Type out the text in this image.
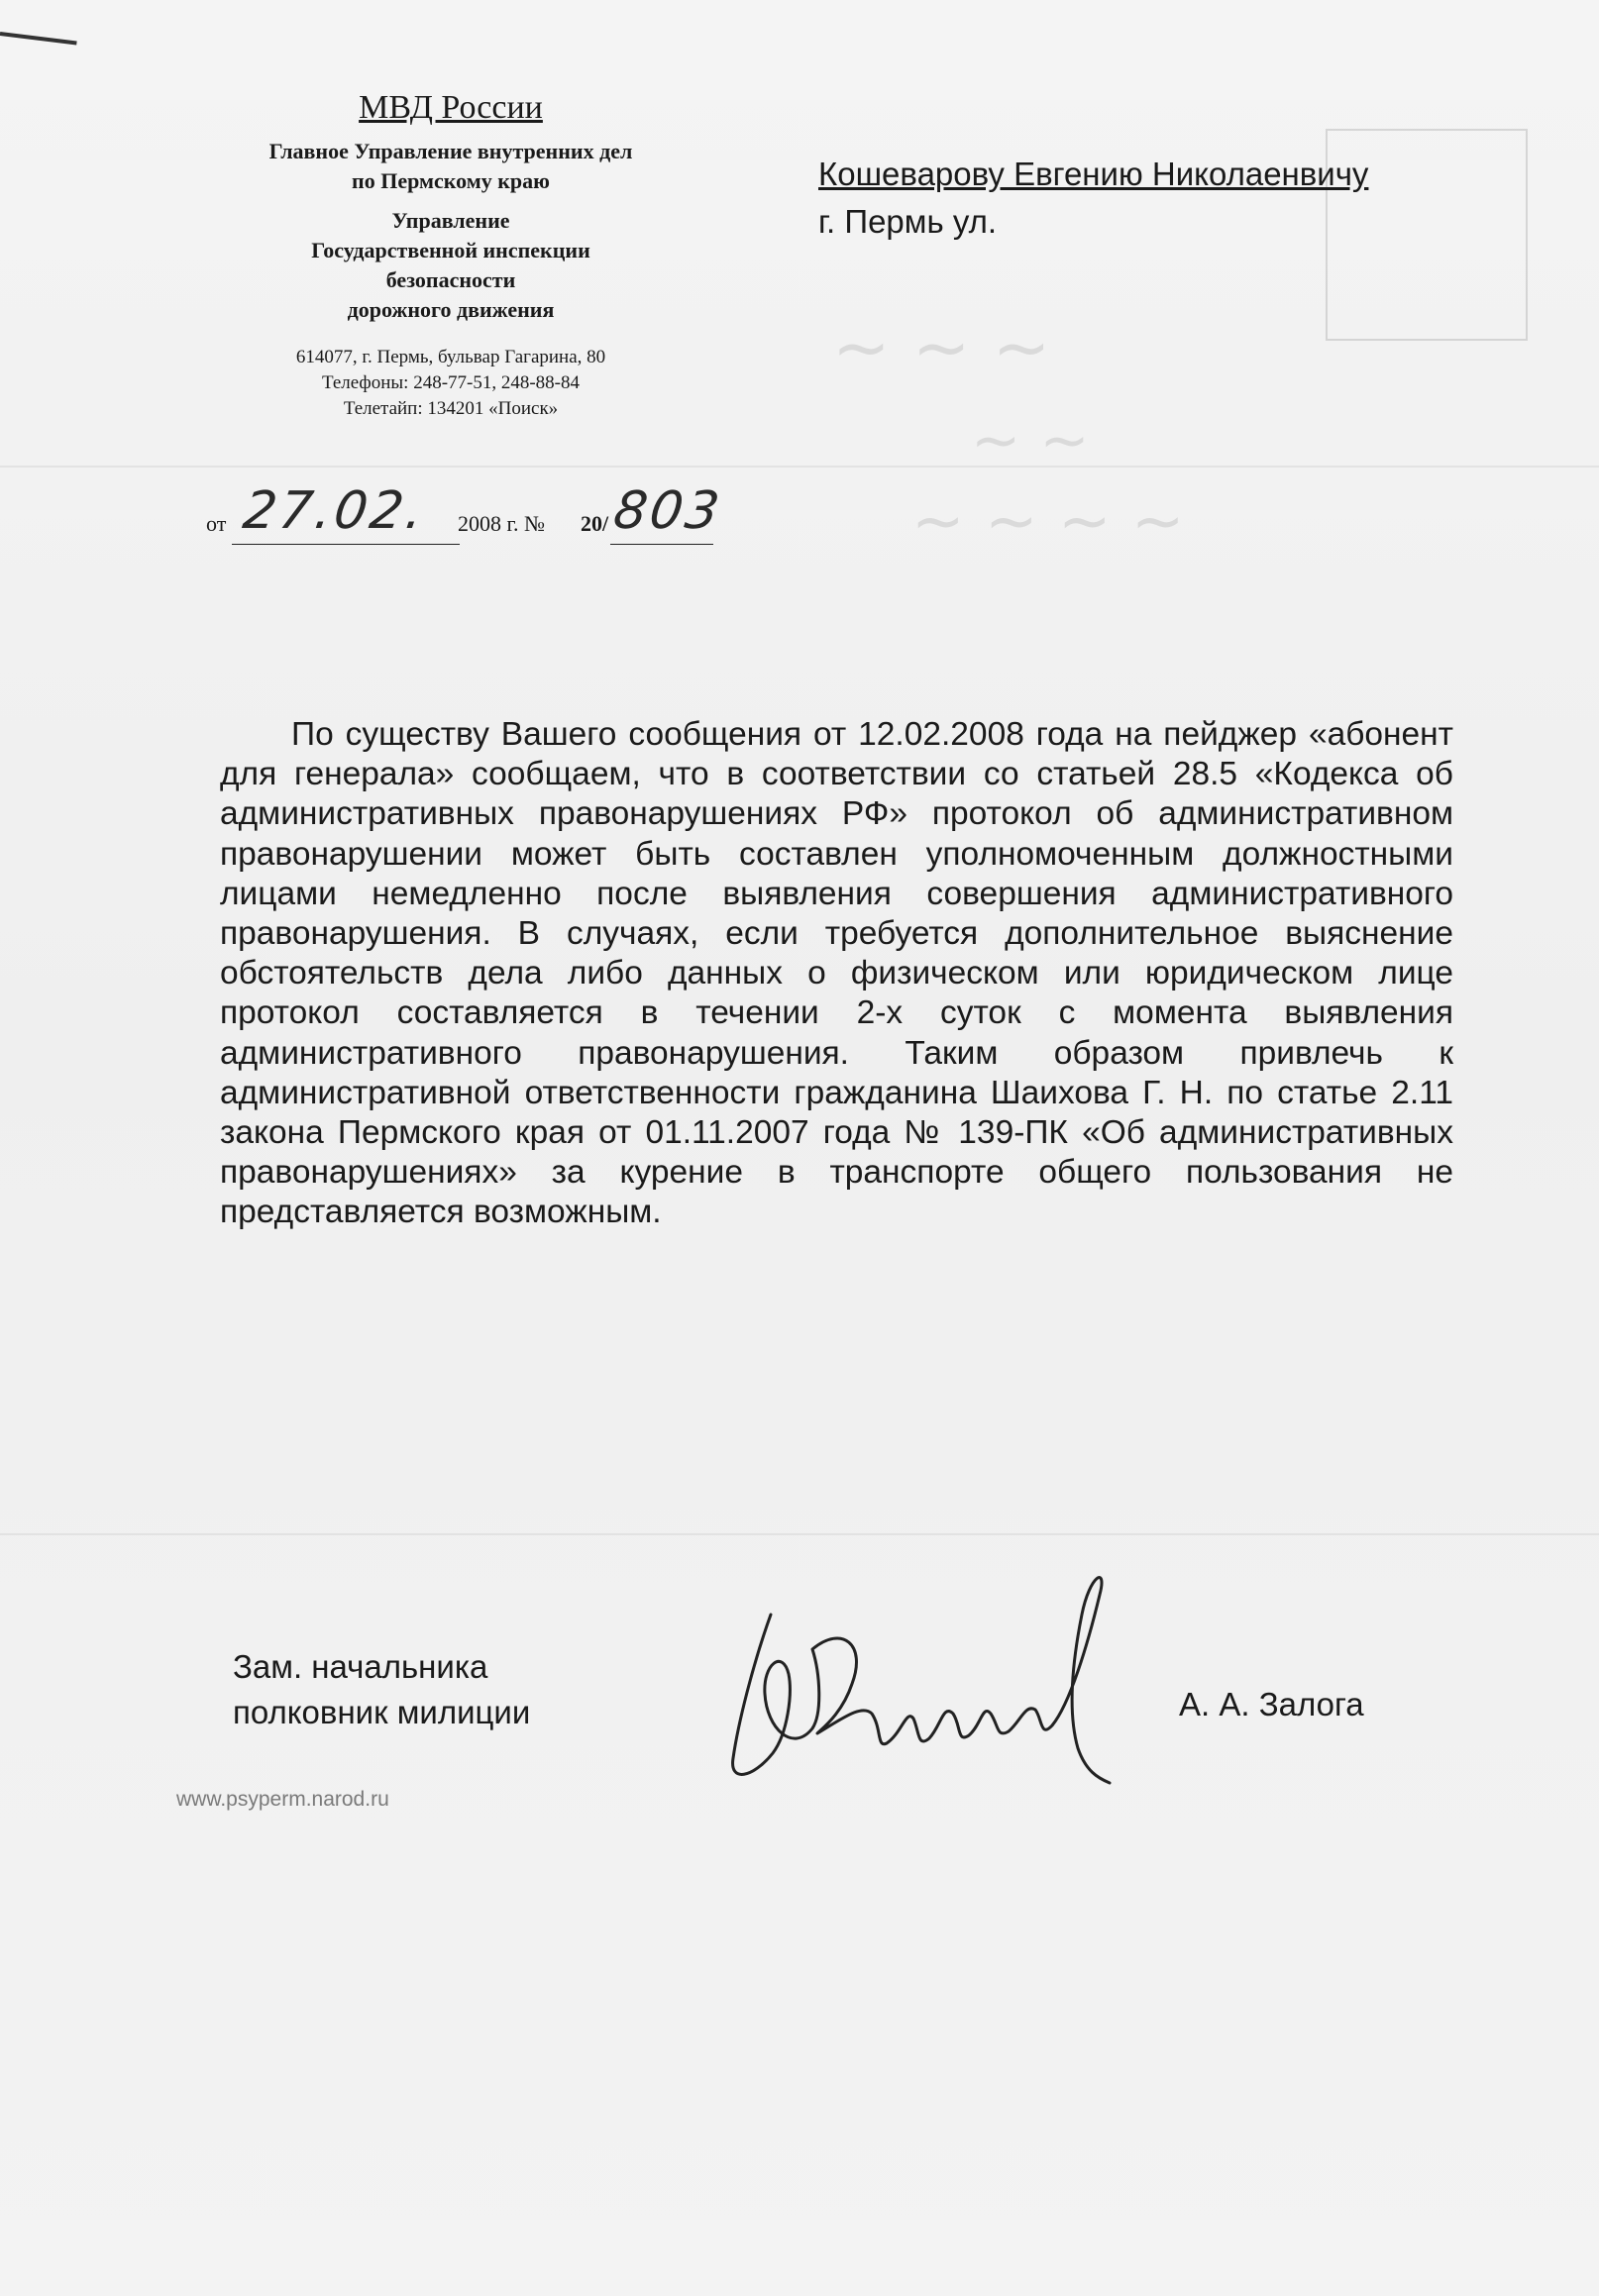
~ ~ ~
~ ~
~ ~ ~ ~
МВД России
Главное Управление внутренних дел
по Пермскому краю
Управление
Государственной инспекции
безопасности
дорожного движения
614077, г. Пермь, бульвар Гагарина, 80
Телефоны: 248-77-51, 248-88-84
Телетайп: 134201 «Поиск»
от 27.02. 2008 г. № 20/ 803
Кошеварову Евгению Николаенвичу
г. Пермь ул.
По существу Вашего сообщения от 12.02.2008 года на пейджер «абонент для генерала» сообщаем, что в соответствии со статьей 28.5 «Кодекса об административных правонарушениях РФ» протокол об административном правонарушении может быть составлен уполномоченным должностными лицами немедленно после выявления совершения административного правонарушения. В случаях, если требуется дополнительное выяснение обстоятельств дела либо данных о физическом или юридическом лице протокол составляется в течении 2-х суток с момента выявления административного правонарушения. Таким образом привлечь к административной ответственности гражданина Шаихова Г. Н. по статье 2.11 закона Пермского края от 01.11.2007 года № 139-ПК «Об административных правонарушениях» за курение в транспорте общего пользования не представляется возможным.
Зам. начальника
полковник милиции	А. А. Залога
www.psyperm.narod.ru
